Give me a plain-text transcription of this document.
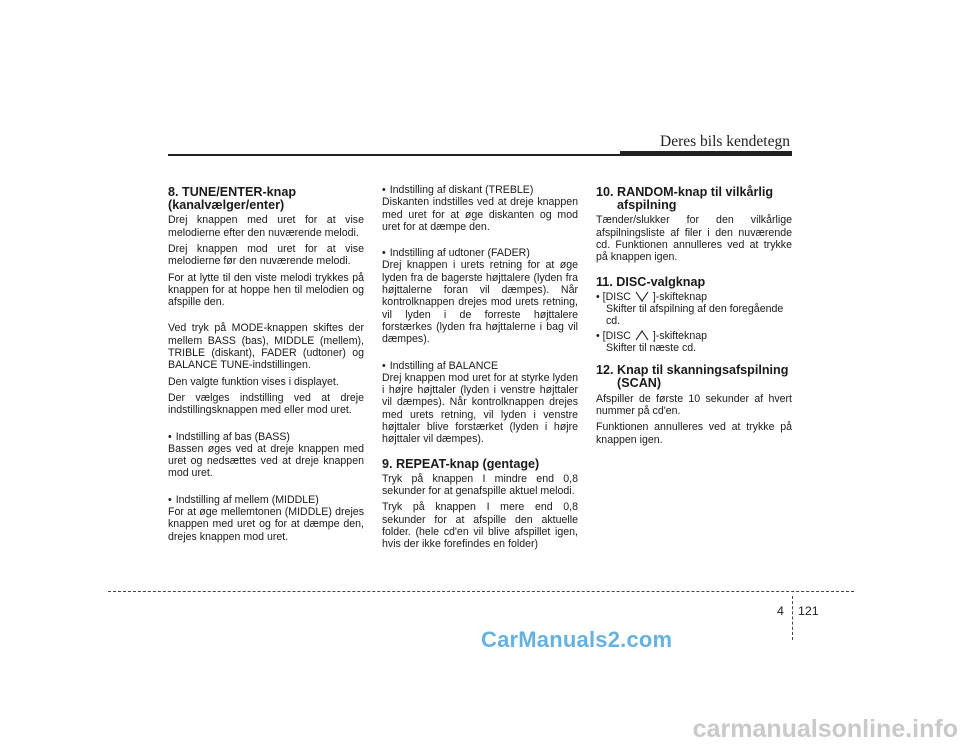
Deres bils kendetegn
8. TUNE/ENTER-knap
(kanalvælger/enter)

Drej knappen med uret for at vise melodierne efter den nuværende melodi.

Drej knappen mod uret for at vise melodierne før den nuværende melodi.

For at lytte til den viste melodi trykkes på knappen for at hoppe hen til melodien og afspille den.

Ved tryk på MODE-knappen skiftes der mellem BASS (bas), MIDDLE (mellem), TRIBLE (diskant), FADER (udtoner) og BALANCE TUNE-indstillingen.

Den valgte funktion vises i displayet.

Der vælges indstilling ved at dreje indstillingsknappen med eller mod uret.

• Indstilling af bas (BASS)

Bassen øges ved at dreje knappen med uret og nedsættes ved at dreje knappen mod uret.

• Indstilling af mellem (MIDDLE)

For at øge mellemtonen (MIDDLE) drejes knappen med uret og for at dæmpe den, drejes knappen mod uret.

• Indstilling af diskant (TREBLE)

Diskanten indstilles ved at dreje knappen med uret for at øge diskanten og mod uret for at dæmpe den.

• Indstilling af udtoner (FADER)

Drej knappen i urets retning for at øge lyden fra de bagerste højttalere (lyden fra højttalerne foran vil dæmpes). Når kontrolknappen drejes mod urets retning, vil lyden i de forreste højttalere forstærkes (lyden fra højttalerne i bag vil dæmpes).

• Indstilling af BALANCE

Drej knappen mod uret for at styrke lyden i højre højttaler (lyden i venstre højttaler vil dæmpes). Når kontrolknappen drejes med urets retning, vil lyden i venstre højttaler blive forstærket (lyden i højre højttaler vil dæmpes).

9. REPEAT-knap (gentage)

Tryk på knappen I mindre end 0,8 sekunder for at genafspille aktuel melodi.

Tryk på knappen I mere end 0,8 sekunder for at afspille den aktuelle folder. (hele cd'en vil blive afspillet igen, hvis der ikke forefindes en folder)

10. RANDOM-knap til vilkårlig
afspilning

Tænder/slukker for den vilkårlige afspilningsliste af filer i den nuværende cd. Funktionen annulleres ved at trykke på knappen igen.

11. DISC-valgknap
• [DISC ]-skifteknap
Skifter til afspilning af den foregående cd.
• [DISC ]-skifteknap
Skifter til næste cd.
12. Knap til skanningsafspilning
(SCAN)

Afspiller de første 10 sekunder af hvert nummer på cd'en.

Funktionen annulleres ved at trykke på knappen igen.

4 121
CarManuals2.com
carmanualsonline.info
